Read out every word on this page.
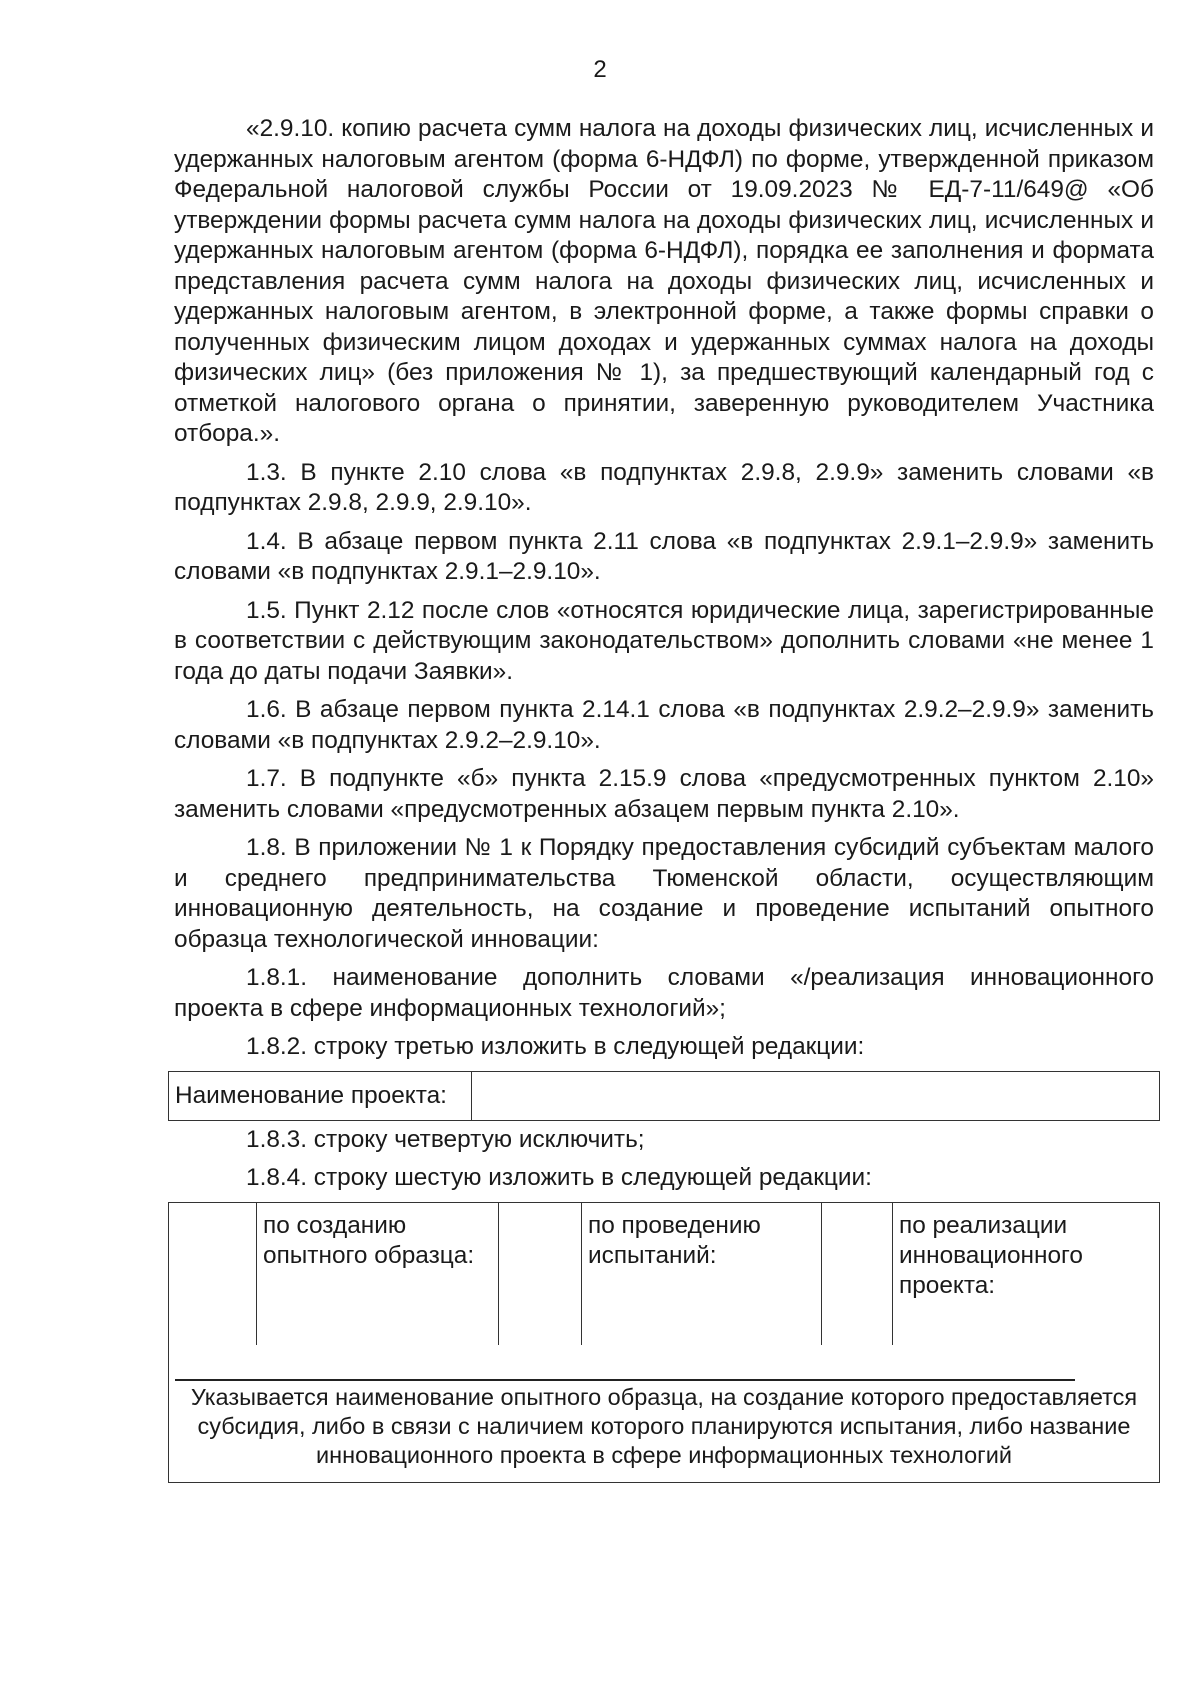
2

«2.9.10. копию расчета сумм налога на доходы физических лиц, исчисленных и удержанных налоговым агентом (форма 6-НДФЛ) по форме, утвержденной приказом Федеральной налоговой службы России от 19.09.2023 № ЕД-7-11/649@ «Об утверждении формы расчета сумм налога на доходы физических лиц, исчисленных и удержанных налоговым агентом (форма 6-НДФЛ), порядка ее заполнения и формата представления расчета сумм налога на доходы физических лиц, исчисленных и удержанных налоговым агентом, в электронной форме, а также формы справки о полученных физическим лицом доходах и удержанных суммах налога на доходы физических лиц» (без приложения № 1), за предшествующий календарный год с отметкой налогового органа о принятии, заверенную руководителем Участника отбора.».

1.3. В пункте 2.10 слова «в подпунктах 2.9.8, 2.9.9» заменить словами «в подпунктах 2.9.8, 2.9.9, 2.9.10».

1.4. В абзаце первом пункта 2.11 слова «в подпунктах 2.9.1–2.9.9» заменить словами «в подпунктах 2.9.1–2.9.10».

1.5. Пункт 2.12 после слов «относятся юридические лица, зарегистрированные в соответствии с действующим законодательством» дополнить словами «не менее 1 года до даты подачи Заявки».

1.6. В абзаце первом пункта 2.14.1 слова «в подпунктах 2.9.2–2.9.9» заменить словами «в подпунктах 2.9.2–2.9.10».

1.7. В подпункте «б» пункта 2.15.9 слова «предусмотренных пунктом 2.10» заменить словами «предусмотренных абзацем первым пункта 2.10».

1.8. В приложении № 1 к Порядку предоставления субсидий субъектам малого и среднего предпринимательства Тюменской области, осуществляющим инновационную деятельность, на создание и проведение испытаний опытного образца технологической инновации:

1.8.1. наименование дополнить словами «/реализация инновационного проекта в сфере информационных технологий»;

1.8.2. строку третью изложить в следующей редакции:

Наименование проекта:	

1.8.3. строку четвертую исключить;

1.8.4. строку шестую изложить в следующей редакции:

	по созданию опытного образца:		по проведению испытаний:		по реализации инновационного проекта:

Указывается наименование опытного образца, на создание которого предоставляется субсидия, либо в связи с наличием которого планируются испытания, либо название инновационного проекта в сфере информационных технологий
